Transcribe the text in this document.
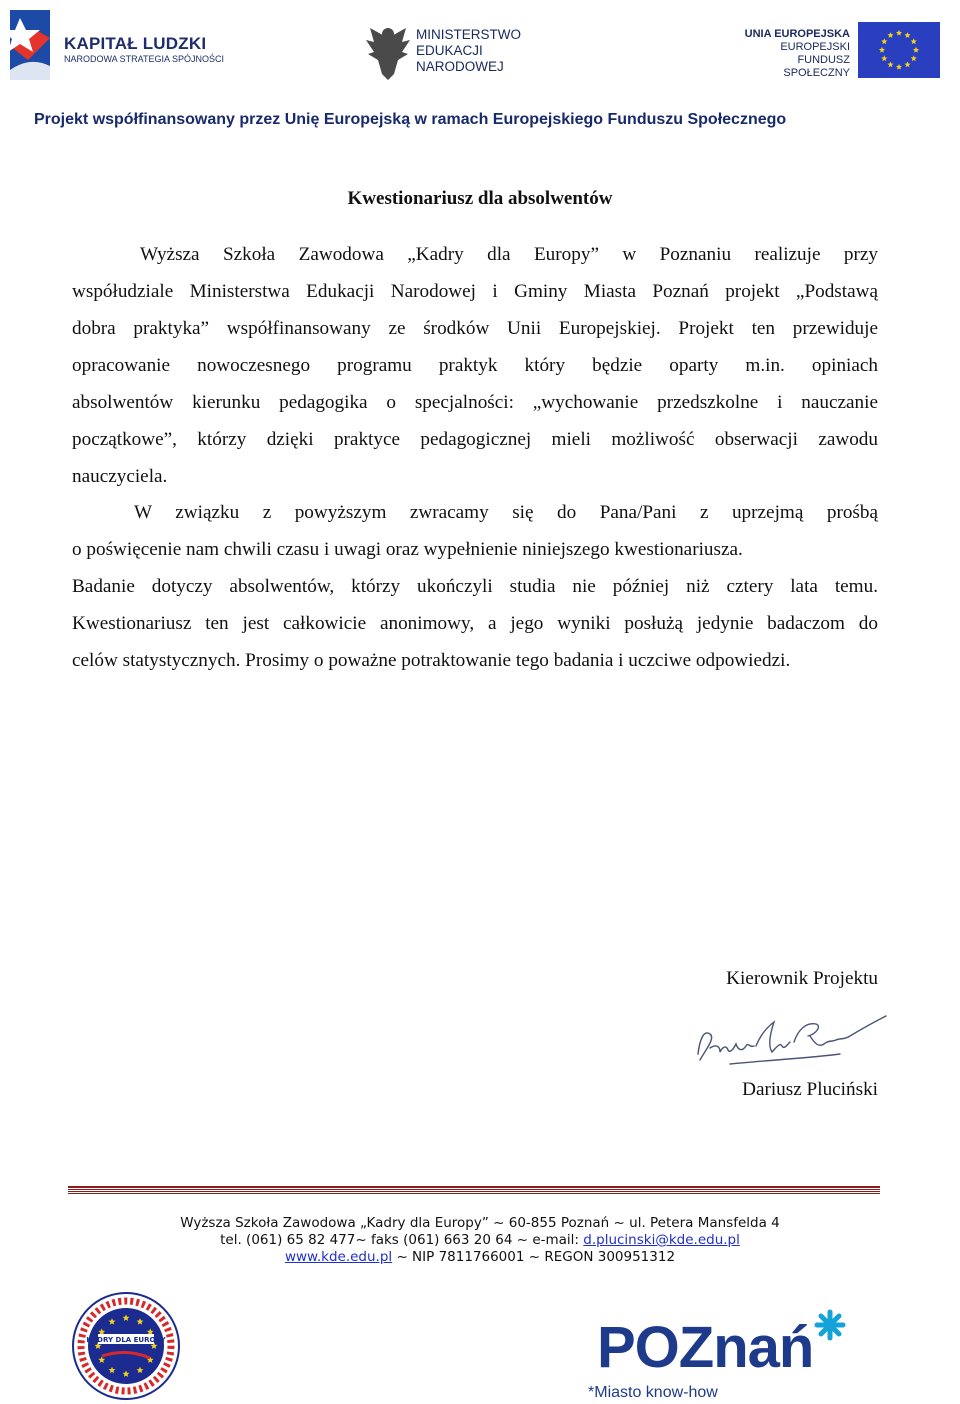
KAPITAŁ LUDZKI
NARODOWA STRATEGIA SPÓJNOŚCI
MINISTERSTWO
EDUKACJI
NARODOWEJ
UNIA EUROPEJSKA
EUROPEJSKI
FUNDUSZ SPOŁECZNY
Projekt współfinansowany przez Unię Europejską w ramach Europejskiego Funduszu Społecznego
Kwestionariusz dla absolwentów
Wyższa Szkoła Zawodowa „Kadry dla Europy” w Poznaniu realizuje przy
współudziale Ministerstwa Edukacji Narodowej i Gminy Miasta Poznań projekt „Podstawą
dobra praktyka” współfinansowany ze środków Unii Europejskiej. Projekt ten przewiduje
opracowanie nowoczesnego programu praktyk który będzie oparty m.in. opiniach
absolwentów kierunku pedagogika o specjalności: „wychowanie przedszkolne i nauczanie
początkowe”, którzy dzięki praktyce pedagogicznej mieli możliwość obserwacji zawodu
nauczyciela.
W związku z powyższym zwracamy się do Pana/Pani z uprzejmą prośbą
o poświęcenie nam chwili czasu i uwagi oraz wypełnienie niniejszego kwestionariusza.
Badanie dotyczy absolwentów, którzy ukończyli studia nie później niż cztery lata temu.
Kwestionariusz ten jest całkowicie anonimowy, a jego wyniki posłużą jedynie badaczom do
celów statystycznych. Prosimy o poważne potraktowanie tego badania i uczciwe odpowiedzi.
Kierownik Projektu
Dariusz Pluciński
Wyższa Szkoła Zawodowa „Kadry dla Europy” ~ 60-855 Poznań ~ ul. Petera Mansfelda 4
tel. (061) 65 82 477~ faks (061) 663 20 64 ~ e-mail: d.plucinski@kde.edu.pl
www.kde.edu.pl ~ NIP 7811766001 ~ REGON 300951312
KADRY DLA EUROPY	POZnań
*Miasto know-how
